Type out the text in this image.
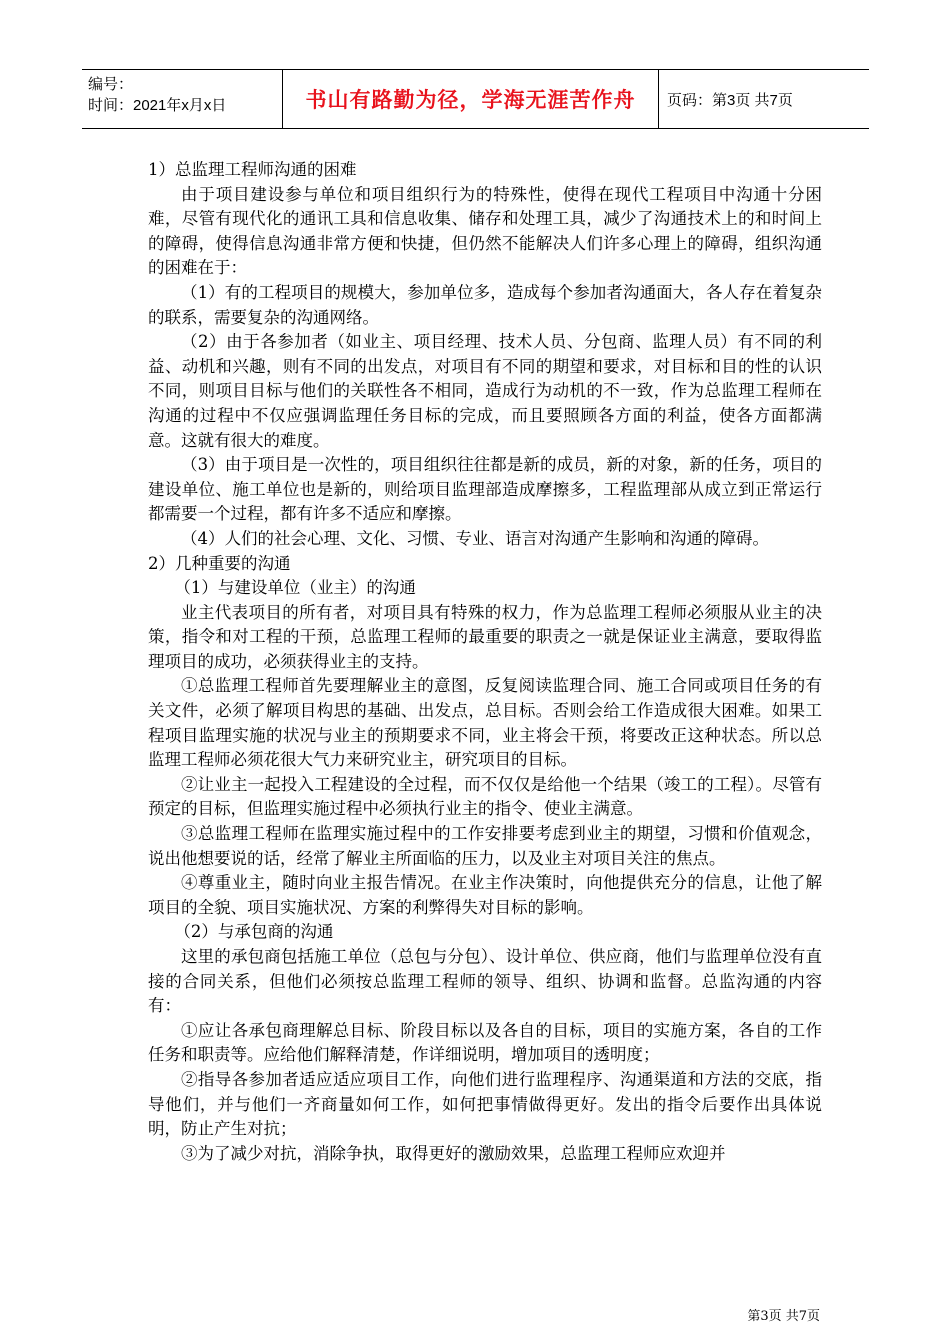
编号：
时间：2021年x月x日	书山有路勤为径，学海无涯苦作舟	页码：第3页 共7页

1）总监理工程师沟通的困难

由于项目建设参与单位和项目组织行为的特殊性，使得在现代工程项目中沟通十分困难，尽管有现代化的通讯工具和信息收集、储存和处理工具，减少了沟通技术上的和时间上的障碍，使得信息沟通非常方便和快捷，但仍然不能解决人们许多心理上的障碍，组织沟通的困难在于：

（1）有的工程项目的规模大，参加单位多，造成每个参加者沟通面大，各人存在着复杂的联系，需要复杂的沟通网络。

（2）由于各参加者（如业主、项目经理、技术人员、分包商、监理人员）有不同的利益、动机和兴趣，则有不同的出发点，对项目有不同的期望和要求，对目标和目的性的认识不同，则项目目标与他们的关联性各不相同，造成行为动机的不一致，作为总监理工程师在沟通的过程中不仅应强调监理任务目标的完成，而且要照顾各方面的利益，使各方面都满意。这就有很大的难度。

（3）由于项目是一次性的，项目组织往往都是新的成员，新的对象，新的任务，项目的建设单位、施工单位也是新的，则给项目监理部造成摩擦多，工程监理部从成立到正常运行都需要一个过程，都有许多不适应和摩擦。

（4）人们的社会心理、文化、习惯、专业、语言对沟通产生影响和沟通的障碍。

2）几种重要的沟通

（1）与建设单位（业主）的沟通

业主代表项目的所有者，对项目具有特殊的权力，作为总监理工程师必须服从业主的决策，指令和对工程的干预，总监理工程师的最重要的职责之一就是保证业主满意，要取得监理项目的成功，必须获得业主的支持。

①总监理工程师首先要理解业主的意图，反复阅读监理合同、施工合同或项目任务的有关文件，必须了解项目构思的基础、出发点，总目标。否则会给工作造成很大困难。如果工程项目监理实施的状况与业主的预期要求不同，业主将会干预，将要改正这种状态。所以总监理工程师必须花很大气力来研究业主，研究项目的目标。

②让业主一起投入工程建设的全过程，而不仅仅是给他一个结果（竣工的工程）。尽管有预定的目标，但监理实施过程中必须执行业主的指令、使业主满意。

③总监理工程师在监理实施过程中的工作安排要考虑到业主的期望，习惯和价值观念，说出他想要说的话，经常了解业主所面临的压力，以及业主对项目关注的焦点。

④尊重业主，随时向业主报告情况。在业主作决策时，向他提供充分的信息，让他了解项目的全貌、项目实施状况、方案的利弊得失对目标的影响。

（2）与承包商的沟通

这里的承包商包括施工单位（总包与分包）、设计单位、供应商，他们与监理单位没有直接的合同关系，但他们必须按总监理工程师的领导、组织、协调和监督。总监沟通的内容有：

①应让各承包商理解总目标、阶段目标以及各自的目标，项目的实施方案，各自的工作任务和职责等。应给他们解释清楚，作详细说明，增加项目的透明度；

②指导各参加者适应适应项目工作，向他们进行监理程序、沟通渠道和方法的交底，指导他们，并与他们一齐商量如何工作，如何把事情做得更好。发出的指令后要作出具体说明，防止产生对抗；

③为了减少对抗，消除争执，取得更好的激励效果，总监理工程师应欢迎并

第3页 共7页
